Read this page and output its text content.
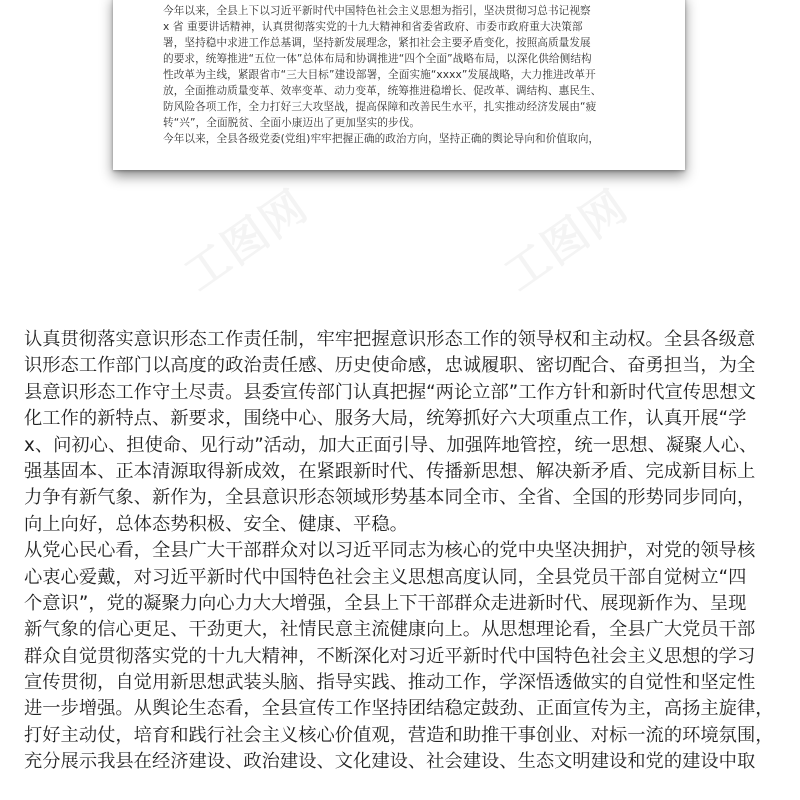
今年以来，全县上下以习近平新时代中国特色社会主义思想为指引，坚决贯彻习总书记视察
x 省 重要讲话精神，认真贯彻落实党的十九大精神和省委省政府、市委市政府重大决策部
署，坚持稳中求进工作总基调，坚持新发展理念，紧扣社会主要矛盾变化，按照高质量发展
的要求，统筹推进“五位一体”总体布局和协调推进“四个全面”战略布局，以深化供给侧结构
性改革为主线，紧跟省市“三大目标”建设部署，全面实施“xxxx”发展战略，大力推进改革开
放，全面推动质量变革、效率变革、动力变革，统筹推进稳增长、促改革、调结构、惠民生、
防风险各项工作，全力打好三大攻坚战，提高保障和改善民生水平，扎实推动经济发展由“疲
转“兴”，全面脱贫、全面小康迈出了更加坚实的步伐。
今年以来，全县各级党委(党组)牢牢把握正确的政治方向，坚持正确的舆论导向和价值取向，
认真贯彻落实意识形态工作责任制，牢牢把握意识形态工作的领导权和主动权。全县各级意
识形态工作部门以高度的政治责任感、历史使命感，忠诚履职、密切配合、奋勇担当，为全
县意识形态工作守土尽责。县委宣传部门认真把握“两论立部”工作方针和新时代宣传思想文
化工作的新特点、新要求，围绕中心、服务大局，统筹抓好六大项重点工作，认真开展“学
x、问初心、担使命、见行动”活动，加大正面引导、加强阵地管控，统一思想、凝聚人心、
强基固本、正本清源取得新成效，在紧跟新时代、传播新思想、解决新矛盾、完成新目标上
力争有新气象、新作为，全县意识形态领域形势基本同全市、全省、全国的形势同步同向，
向上向好，总体态势积极、安全、健康、平稳。
从党心民心看，全县广大干部群众对以习近平同志为核心的党中央坚决拥护，对党的领导核
心衷心爱戴，对习近平新时代中国特色社会主义思想高度认同，全县党员干部自觉树立“四
个意识”，党的凝聚力向心力大大增强，全县上下干部群众走进新时代、展现新作为、呈现
新气象的信心更足、干劲更大，社情民意主流健康向上。从思想理论看，全县广大党员干部
群众自觉贯彻落实党的十九大精神，不断深化对习近平新时代中国特色社会主义思想的学习
宣传贯彻，自觉用新思想武装头脑、指导实践、推动工作，学深悟透做实的自觉性和坚定性
进一步增强。从舆论生态看，全县宣传工作坚持团结稳定鼓劲、正面宣传为主，高扬主旋律，
打好主动仗，培育和践行社会主义核心价值观，营造和助推干事创业、对标一流的环境氛围，
充分展示我县在经济建设、政治建设、文化建设、社会建设、生态文明建设和党的建设中取
